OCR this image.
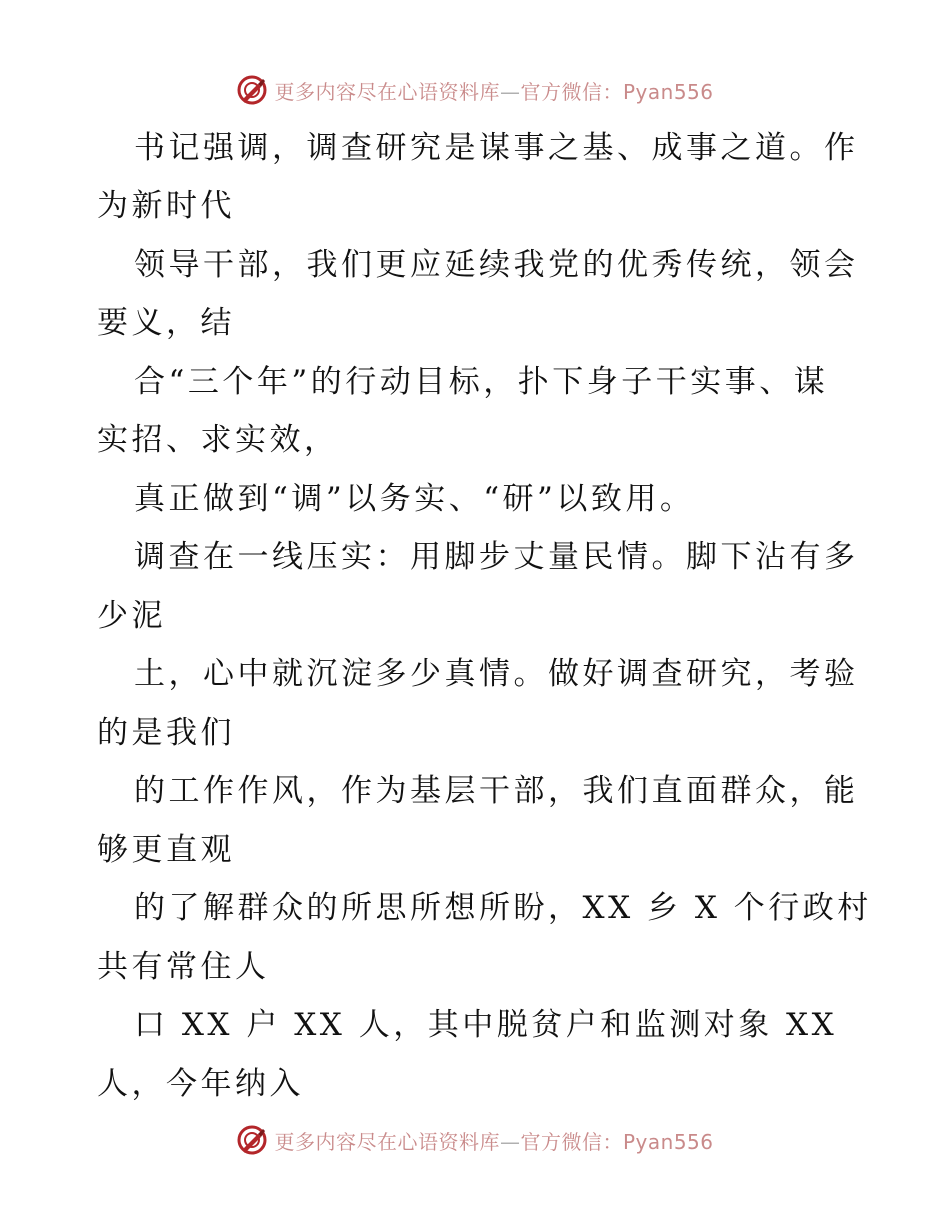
更多内容尽在心语资料库—官方微信：Pyan556
书记强调，调查研究是谋事之基、成事之道。作
为新时代
领导干部，我们更应延续我党的优秀传统，领会
要义，结
合“三个年”的行动目标，扑下身子干实事、谋
实招、求实效，
真正做到“调”以务实、“研”以致用。
调查在一线压实：用脚步丈量民情。脚下沾有多
少泥
土，心中就沉淀多少真情。做好调查研究，考验
的是我们
的工作作风，作为基层干部，我们直面群众，能
够更直观
的了解群众的所思所想所盼，XX 乡 X 个行政村
共有常住人
口 XX 户 XX 人，其中脱贫户和监测对象 XX
人，今年纳入
更多内容尽在心语资料库—官方微信：Pyan556
